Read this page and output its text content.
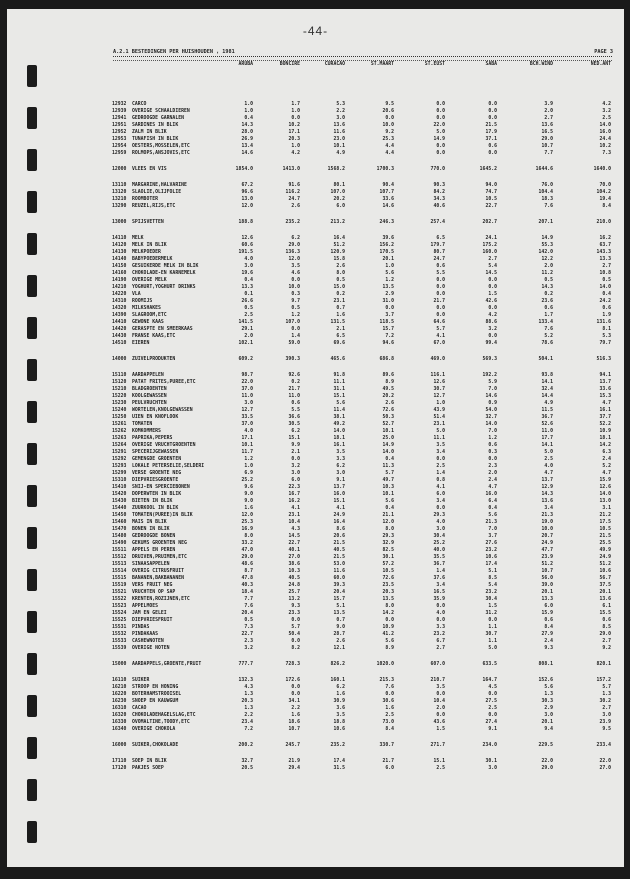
-44-
A.2.1 BESTEDINGEN PER HUISHOUDEN , 1981	PAGE 3
ARUBA	BONCIRE	CURACAO	ST.MAART	ST.EUST	SABA	BCH.WIND	NED.ANT
12932 CARCO	1.0	1.7	5.3	9.5	0.0	0.0	3.9	4.2
12939 OVERIGE SCHAALDIEREN	1.0	1.0	2.2	20.6	0.0	0.0	2.0	3.2
12941 GEDROOGDE GARNALEN	0.4	0.0	3.0	0.0	0.0	0.0	2.7	2.5
12951 SARDINES IN BLIK	14.3	10.2	13.6	10.0	22.0	21.5	13.6	14.0
12952 ZALM IN BLIK	28.0	17.1	11.6	9.2	5.0	17.9	16.5	16.0
12953 TUNAFISH IN BLIK	26.9	20.3	23.0	25.3	14.9	37.1	29.0	24.4
12954 OESTERS,MOSSELEN,ETC	13.4	1.0	10.1	4.4	0.0	0.6	10.7	10.2
12959 ROLMOPS,ANSJOVIS,ETC	14.6	4.2	4.9	4.4	0.0	0.0	7.7	7.3
12000 VLEES EN VIS	1854.0	1413.0	1568.2	1700.3	770.0	1645.2	1644.6	1640.0
13110 MARGARINE,HALVARINE	67.2	91.6	80.1	90.4	90.3	94.0	76.0	70.0
13120 SLAOLIE,OLIJFOLIE	96.6	116.2	107.0	107.7	84.2	74.7	104.4	104.2
13210 ROOMBOTER	13.0	24.7	20.2	33.6	34.3	10.5	18.3	19.4
13290 REUZEL,RIJS,ETC	12.0	2.6	6.0	14.6	40.6	22.7	7.6	8.4
13000 SPIJSVETTEN	188.8	235.2	213.2	246.3	257.4	202.7	207.1	210.0
14110 MELK	12.6	6.2	16.4	39.6	6.5	24.1	14.9	16.2
14120 MELK IN BLIK	60.6	29.0	51.2	156.2	179.7	175.2	55.3	63.7
14130 MELKPOEDER	191.5	136.3	120.9	170.5	80.7	160.0	142.0	143.3
14140 BABYPOEDERMELK	4.0	12.0	15.8	20.1	24.7	2.7	12.2	13.3
14150 GESUIKERDE MELK IN BLIK	3.0	3.5	2.6	1.0	0.6	5.4	2.0	2.7
14160 CHOKOLADE-EN KARNEMELK	19.6	4.6	8.0	5.6	5.5	14.5	11.2	10.8
14190 OVERIGE MELK	0.4	0.0	0.5	1.2	0.0	0.0	0.5	0.5
14210 YOGHURT,YOGHURT DRINKS	13.3	10.0	15.0	13.5	0.0	0.0	14.3	14.0
14220 VLA	0.1	0.3	0.2	2.9	0.0	1.5	0.2	0.4
14310 ROOMIJS	26.6	9.7	23.1	31.0	21.7	42.6	23.6	24.2
14320 MILKSHAKES	0.5	0.5	0.7	0.0	0.0	0.0	0.6	0.6
14390 SLAGROOM,ETC	2.5	1.2	1.6	3.7	0.0	4.2	1.7	1.9
14410 GEWONE KAAS	141.5	107.0	131.5	118.5	64.6	88.6	133.4	131.6
14420 GERASPTE EN SMEERKAAS	29.1	0.0	2.1	15.7	5.7	3.2	7.6	8.1
14430 FRANSE KAAS,ETC	2.0	1.4	6.5	7.2	4.1	0.0	5.2	5.3
14510 EIEREN	102.1	59.0	69.6	94.6	67.0	99.4	78.6	79.7
14000 ZUIVELPRODUKTEN	609.2	390.3	465.6	686.8	469.0	569.3	504.1	516.3
15110 AARDAPPELEN	98.7	92.6	91.8	89.6	116.1	192.2	93.8	94.1
15120 PATAT FRITES,PUREE,ETC	22.0	0.2	11.1	8.9	12.6	5.9	14.1	13.7
15210 BLADGROENTEN	37.0	21.7	31.1	49.5	30.7	7.0	32.4	33.6
15220 KOOLGEWASSEN	11.0	11.0	15.1	20.2	12.7	14.6	14.4	15.3
15230 PEULVRUCHTEN	3.0	0.6	5.6	2.6	1.0	0.9	4.9	4.7
15240 WORTELEN,KNOLGEWASSEN	12.7	5.5	11.4	72.6	43.9	54.0	11.5	16.1
15250 UIEN EN KNOFLOOK	33.5	36.6	38.1	50.3	51.4	32.7	36.7	37.7
15261 TOMATEN	37.0	30.5	49.2	52.7	23.1	14.0	52.6	52.2
15262 KOMKOMMERS	4.0	6.2	14.0	10.1	5.0	7.0	11.0	10.9
15263 PAPRIKA,PEPERS	17.1	15.1	18.1	25.0	11.1	1.2	17.7	18.1
15264 OVERIGE VRUCHTGROENTEN	10.1	9.9	16.1	14.9	3.5	0.6	14.1	14.2
15291 SPECERIJGEWASSEN	11.7	2.1	3.5	14.0	3.4	0.3	5.0	6.3
15292 GEMENGDE GROENTEN	1.2	0.0	3.3	0.4	0.0	0.0	2.5	2.4
15293 LOKALE PETERSELIE,SELDERI	1.0	3.2	6.2	11.3	2.5	2.3	4.0	5.2
15299 VERSE GROENTE NEG	6.9	3.0	3.0	5.7	1.4	2.0	4.7	4.7
15310 DIEPVRIESGROENTE	25.2	6.0	9.1	49.7	0.8	2.4	13.7	15.9
15410 SNIJ-EN SPERCIEBONEN	9.6	22.3	13.7	10.3	4.1	4.7	12.9	12.6
15420 DOPERWTEN IN BLIK	9.0	16.7	16.0	10.1	6.0	16.0	14.3	14.0
15430 BIETEN IN BLIK	9.0	16.2	15.1	5.6	3.4	6.4	13.6	13.0
15440 ZUURKOOL IN BLIK	1.6	4.1	4.1	0.4	0.0	0.4	3.4	3.1
15450 TOMATEN(PUREE)IN BLIK	12.0	23.1	24.9	21.1	29.3	5.6	21.3	21.2
15460 MAIS IN BLIK	25.3	10.4	16.4	12.0	4.0	21.3	19.0	17.5
15470 BONEN IN BLIK	16.9	4.3	8.6	8.0	3.0	7.0	10.0	10.5
15480 GEDROOGDE BONEN	8.0	14.5	20.6	29.3	30.4	3.7	20.7	21.5
15490 GEKUMS GROENTEN NEG	33.2	22.7	21.5	32.9	25.2	27.6	24.9	25.5
15511 APPELS EN PEREN	47.0	40.1	40.5	82.5	40.0	23.2	47.7	49.9
15512 DRUIVEN,PRUIMEN,ETC	29.0	27.0	21.5	30.1	35.5	10.6	23.9	24.9
15513 SINAASAPPELEN	48.6	38.6	53.0	57.2	36.7	17.4	51.2	51.2
15514 OVERIG CITRUSFRUIT	8.7	10.3	11.6	10.5	1.4	5.1	10.7	10.6
15515 BANANEN,BAKBANANEN	47.8	40.5	60.0	72.6	37.6	8.5	56.0	56.7
15519 VERS FRUIT NEG	40.3	24.8	39.3	23.5	3.4	5.4	39.0	37.5
15521 VRUCHTEN OP SAP	18.4	25.7	20.4	20.3	16.5	23.2	20.1	20.1
15522 KRENTEN,ROZIJNEN,ETC	7.7	13.2	15.7	13.5	35.9	30.4	13.3	13.6
15523 APPELMOES	7.6	9.3	5.1	8.0	0.0	1.5	6.0	6.1
15524 JAM EN GELEI	20.4	23.3	13.5	14.2	4.0	31.2	15.9	15.5
15525 DIEPVRIESFRUIT	0.5	0.0	0.7	0.0	0.0	0.0	0.6	0.6
15531 PINDAS	7.3	5.7	9.0	10.9	3.3	1.1	8.4	8.5
15532 PINDAKAAS	22.7	50.4	28.7	41.2	23.2	30.7	27.9	29.0
15533 CASHEWNOTEN	2.3	0.0	2.6	5.6	6.7	1.1	2.4	2.7
15539 OVERIGE NOTEN	3.2	8.2	12.1	8.9	2.7	5.0	9.3	9.2
15000 AARDAPPELS,GROENTE,FRUIT	777.7	728.3	826.2	1020.0	607.0	633.5	808.1	820.1
16110 SUIKER	132.3	172.6	160.1	215.3	210.7	164.7	152.6	157.2
16210 STROOP EN HONING	4.3	0.0	6.2	7.6	3.5	4.5	5.6	5.7
16220 BOTERHAMSTROOISEL	1.3	0.0	1.6	0.0	0.0	0.0	1.3	1.3
16230 SNOEP EN KAUWGUM	20.3	34.1	30.9	30.6	10.4	27.5	30.3	30.2
16310 CACAO	1.3	2.2	3.6	1.6	2.0	2.5	2.9	2.7
16320 CHOKOLADEHAGELSLAG,ETC	2.2	1.6	3.5	2.5	0.0	0.0	3.0	3.0
16330 OVOMALTINE,TOODY,ETC	23.4	18.6	18.8	73.0	43.6	27.4	20.1	23.9
16340 OVERIGE CHOKOLA	7.2	10.7	10.6	8.4	1.5	9.1	9.4	9.5
16000 SUIKER,CHOKOLADE	200.2	245.7	235.2	330.7	271.7	234.0	229.5	233.4
17110 SOEP IN BLIK	32.7	21.9	17.4	21.7	15.1	30.1	22.0	22.0
17120 PAKJES SOEP	20.5	29.4	31.5	6.0	2.5	3.0	29.0	27.0
